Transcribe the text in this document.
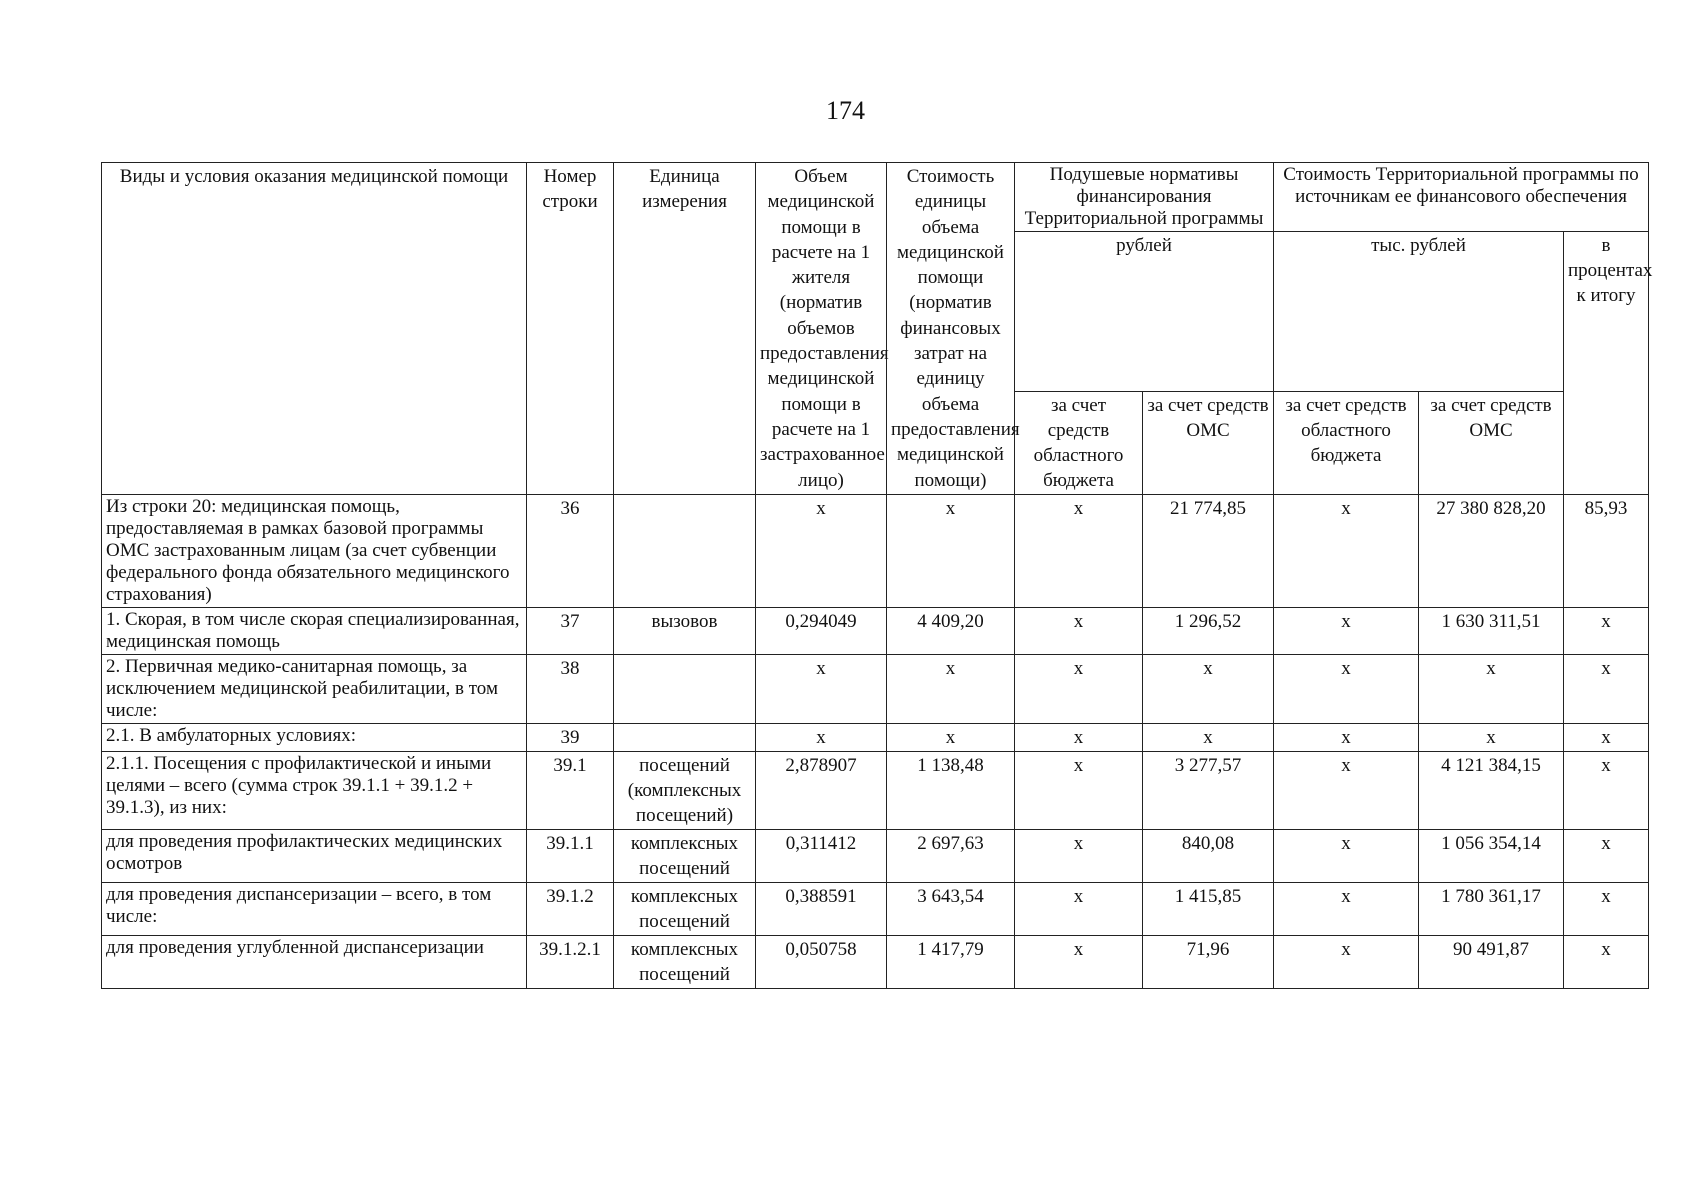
174
Виды и условия оказания медицинской помощи	Номер строки	Единица измерения	Объем медицинской помощи в расчете на 1 жителя (норматив объемов предоставления медицинской помощи в расчете на 1 застрахованное лицо)	Стоимость единицы объема медицинской помощи (норматив финансовых затрат на единицу объема предоставления медицинской помощи)	Подушевые нормативы финансирования Территориальной программы		Стоимость Территориальной программы по источникам ее финансового обеспечения		
					рублей		тыс. рублей		в процентах к итогу
					за счет средств областного бюджета	за счет средств ОМС	за счет средств областного бюджета	за счет средств ОМС	
Из строки 20: медицинская помощь, предоставляемая в рамках базовой программы ОМС застрахованным лицам (за счет субвенции федерального фонда обязательного медицинского страхования)	36		х	х	х	21 774,85	х	27 380 828,20	85,93
1. Скорая, в том числе скорая специализированная, медицинская помощь	37	вызовов	0,294049	4 409,20	х	1 296,52	х	1 630 311,51	х
2. Первичная медико-санитарная помощь, за исключением медицинской реабилитации, в том числе:	38		х	х	х	х	х	х	х
2.1. В амбулаторных условиях:	39		х	х	х	х	х	х	х
2.1.1. Посещения с профилактической и иными целями – всего (сумма строк 39.1.1 + 39.1.2 + 39.1.3), из них:	39.1	посещений (комплексных посещений)	2,878907	1 138,48	х	3 277,57	х	4 121 384,15	х
для проведения профилактических медицинских осмотров	39.1.1	комплексных посещений	0,311412	2 697,63	х	840,08	х	1 056 354,14	х
для проведения диспансеризации – всего, в том числе:	39.1.2	комплексных посещений	0,388591	3 643,54	х	1 415,85	х	1 780 361,17	х
для проведения углубленной диспансеризации	39.1.2.1	комплексных посещений	0,050758	1 417,79	х	71,96	х	90 491,87	х
